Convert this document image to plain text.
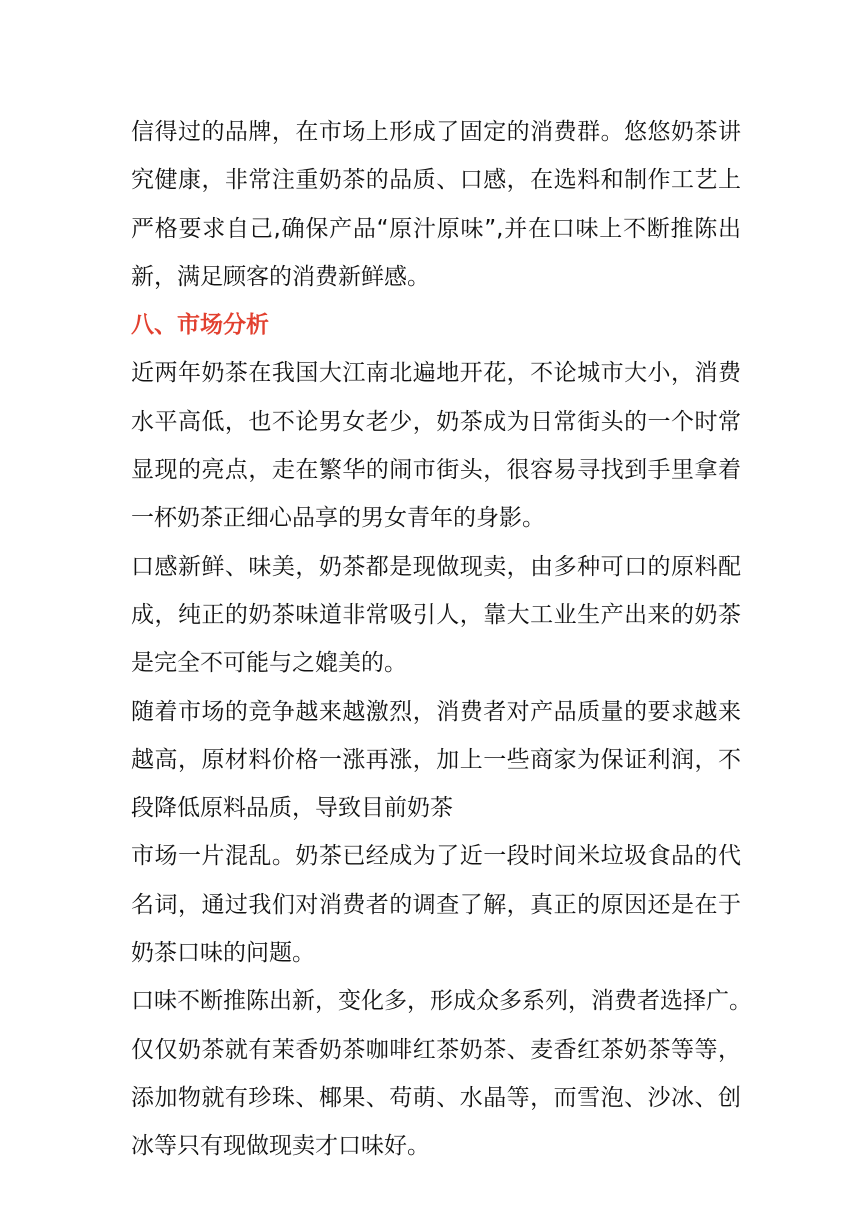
信得过的品牌，在市场上形成了固定的消费群。悠悠奶茶讲
究健康，非常注重奶茶的品质、口感，在选料和制作工艺上
严格要求自己,确保产品“原汁原味”,并在口味上不断推陈出
新，满足顾客的消费新鲜感。

八、市场分析

近两年奶茶在我国大江南北遍地开花，不论城市大小，消费
水平高低，也不论男女老少，奶茶成为日常街头的一个时常
显现的亮点，走在繁华的闹市街头，很容易寻找到手里拿着
一杯奶茶正细心品享的男女青年的身影。

口感新鲜、味美，奶茶都是现做现卖，由多种可口的原料配
成，纯正的奶茶味道非常吸引人，靠大工业生产出来的奶茶
是完全不可能与之媲美的。

随着市场的竞争越来越激烈，消费者对产品质量的要求越来
越高，原材料价格一涨再涨，加上一些商家为保证利润，不
段降低原料品质，导致目前奶茶

市场一片混乱。奶茶已经成为了近一段时间米垃圾食品的代
名词，通过我们对消费者的调查了解，真正的原因还是在于
奶茶口味的问题。

口味不断推陈出新，变化多，形成众多系列，消费者选择广。
仅仅奶茶就有茉香奶茶咖啡红茶奶茶、麦香红茶奶茶等等，
添加物就有珍珠、椰果、苟萌、水晶等，而雪泡、沙冰、创
冰等只有现做现卖才口味好。
